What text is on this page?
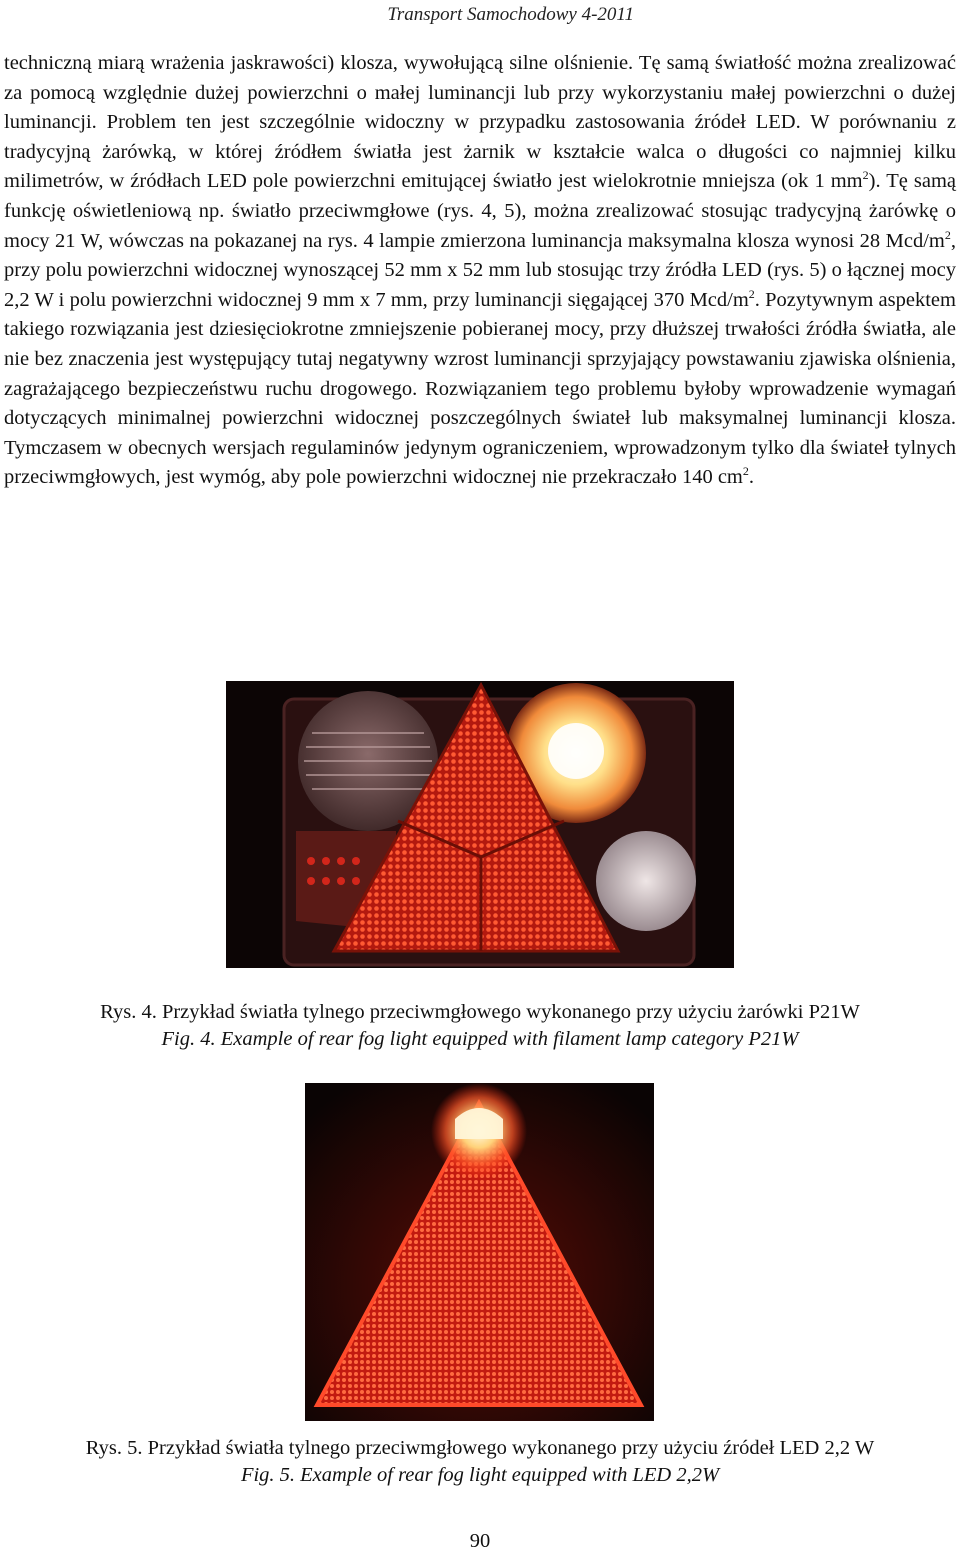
Transport Samochodowy 4-2011

techniczną miarą wrażenia jaskrawości) klosza, wywołującą silne olśnienie. Tę samą światłość można zrealizować za pomocą względnie dużej powierzchni o małej luminancji lub przy wykorzystaniu małej powierzchni o dużej luminancji. Problem ten jest szczególnie widoczny w przypadku zastosowania źródeł LED. W porównaniu z tradycyjną żarówką, w której źródłem światła jest żarnik w kształcie walca o długości co najmniej kilku milimetrów, w źródłach LED pole powierzchni emitującej światło jest wielokrotnie mniejsza (ok 1 $mm^2$). Tę samą funkcję oświetleniową np. światło przeciwmgłowe (rys. 4, 5), można zrealizować stosując tradycyjną żarówkę o mocy 21 W, wówczas na pokazanej na rys. 4 lampie zmierzona luminancja maksymalna klosza wynosi 28 Mcd/$m^2$, przy polu powierzchni widocznej wynoszącej 52 mm x 52 mm lub stosując trzy źródła LED (rys. 5) o łącznej mocy 2,2 W i polu powierzchni widocznej 9 mm x 7 mm, przy luminancji sięgającej 370 Mcd/$m^2$. Pozytywnym aspektem takiego rozwiązania jest dziesięciokrotne zmniejszenie pobieranej mocy, przy dłuższej trwałości źródła światła, ale nie bez znaczenia jest występujący tutaj negatywny wzrost luminancji sprzyjający powstawaniu zjawiska olśnienia, zagrażającego bezpieczeństwu ruchu drogowego. Rozwiązaniem tego problemu byłoby wprowadzenie wymagań dotyczących minimalnej powierzchni widocznej poszczególnych świateł lub maksymalnej luminancji klosza. Tymczasem w obecnych wersjach regulaminów jedynym ograniczeniem, wprowadzonym tylko dla świateł tylnych przeciwmgłowych, jest wymóg, aby pole powierzchni widocznej nie przekraczało 140 $cm^2$.

Rys. 4. Przykład światła tylnego przeciwmgłowego wykonanego przy użyciu żarówki P21W
Fig. 4. Example of rear fog light equipped with filament lamp category P21W
Rys. 5. Przykład światła tylnego przeciwmgłowego wykonanego przy użyciu źródeł LED 2,2 W
Fig. 5. Example of rear fog light equipped with LED 2,2W
90
